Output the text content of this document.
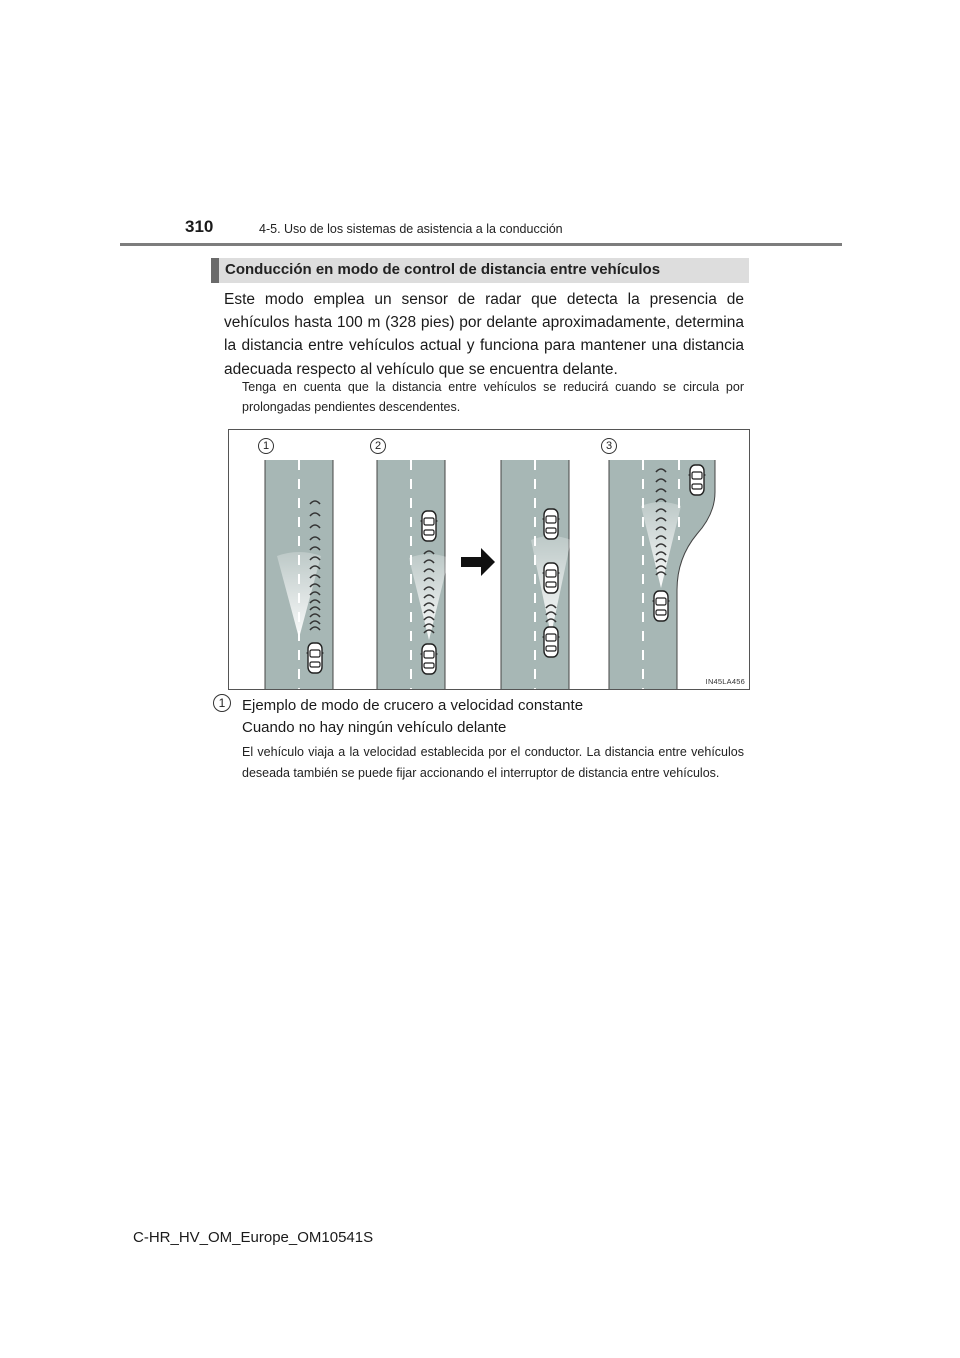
310	4-5. Uso de los sistemas de asistencia a la conducción
Conducción en modo de control de distancia entre vehículos

Este modo emplea un sensor de radar que detecta la presencia de vehículos hasta 100 m (328 pies) por delante aproximadamente, determina la distancia entre vehículos actual y funciona para mantener una distancia adecuada respecto al vehículo que se encuentra delante.

Tenga en cuenta que la distancia entre vehículos se reducirá cuando se circula por prolongadas pendientes descendentes.

1	2	3
IN45LA456
1	Ejemplo de modo de crucero a velocidad constante
Cuando no hay ningún vehículo delante

El vehículo viaja a la velocidad establecida por el conductor. La distancia entre vehículos deseada también se puede fijar accionando el interruptor de distancia entre vehículos.

C-HR_HV_OM_Europe_OM10541S
